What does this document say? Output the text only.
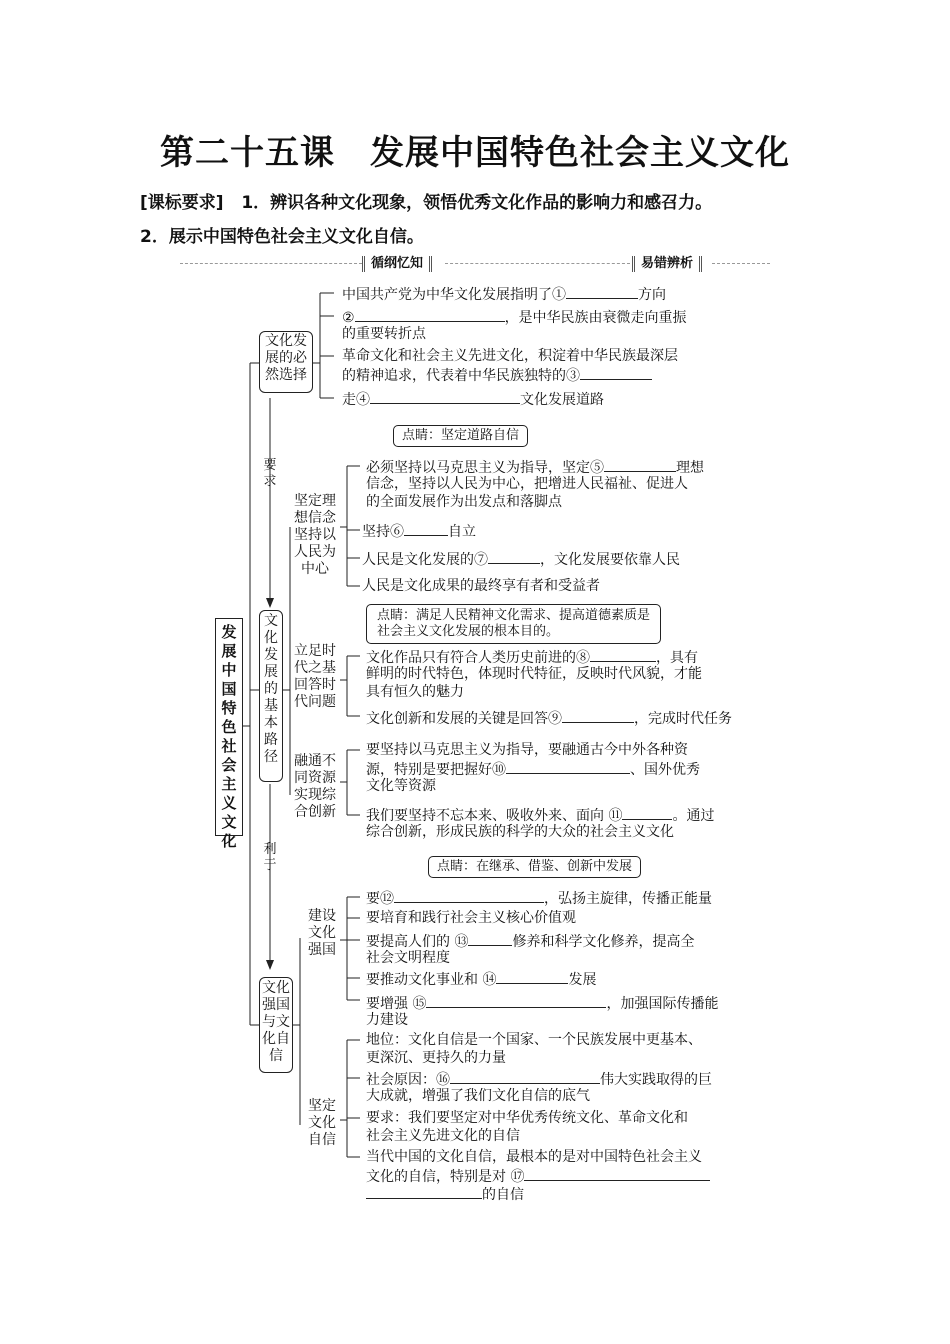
第二十五课　发展中国特色社会主义文化
[课标要求] 1．辨识各种文化现象，领悟优秀文化作品的影响力和感召力。
2．展示中国特色社会主义文化自信。
循纲忆知	易错辨析
发展中国特色社会主义文化
要求
利于
文化发展的必然选择
文化发展的基本路径
文化强国与文化自信
坚定理想信念坚持以人民为中心
立足时代之基回答时代问题
融通不同资源实现综合创新
建设文化强国
坚定文化自信
中国共产党为中华文化发展指明了①	方向
②	，是中华民族由衰微走向重振
的重要转折点
革命文化和社会主义先进文化，积淀着中华民族最深层
的精神追求，代表着中华民族独特的③
走④	文化发展道路
点睛：坚定道路自信
必须坚持以马克思主义为指导，坚定⑤	理想
信念，坚持以人民为中心，把增进人民福祉、促进人
的全面发展作为出发点和落脚点
坚持⑥	自立
人民是文化发展的⑦	，文化发展要依靠人民
人民是文化成果的最终享有者和受益者
点睛：满足人民精神文化需求、提高道德素质是
社会主义文化发展的根本目的。
文化作品只有符合人类历史前进的⑧	，具有
鲜明的时代特色，体现时代特征，反映时代风貌，才能
具有恒久的魅力
文化创新和发展的关键是回答⑨	，完成时代任务
要坚持以马克思主义为指导，要融通古今中外各种资
源，特别是要把握好⑩	、国外优秀
文化等资源
我们要坚持不忘本来、吸收外来、面向 ⑪	。通过
综合创新，形成民族的科学的大众的社会主义文化
点睛：在继承、借鉴、创新中发展
要⑫	，弘扬主旋律，传播正能量
要培育和践行社会主义核心价值观
要提高人们的 ⑬	修养和科学文化修养，提高全
社会文明程度
要推动文化事业和 ⑭	发展
要增强 ⑮	，加强国际传播能
力建设
地位：文化自信是一个国家、一个民族发展中更基本、
更深沉、更持久的力量
社会原因：⑯	伟大实践取得的巨
大成就，增强了我们文化自信的底气
要求：我们要坚定对中华优秀传统文化、革命文化和
社会主义先进文化的自信
当代中国的文化自信，最根本的是对中国特色社会主义
文化的自信，特别是对 ⑰
的自信
